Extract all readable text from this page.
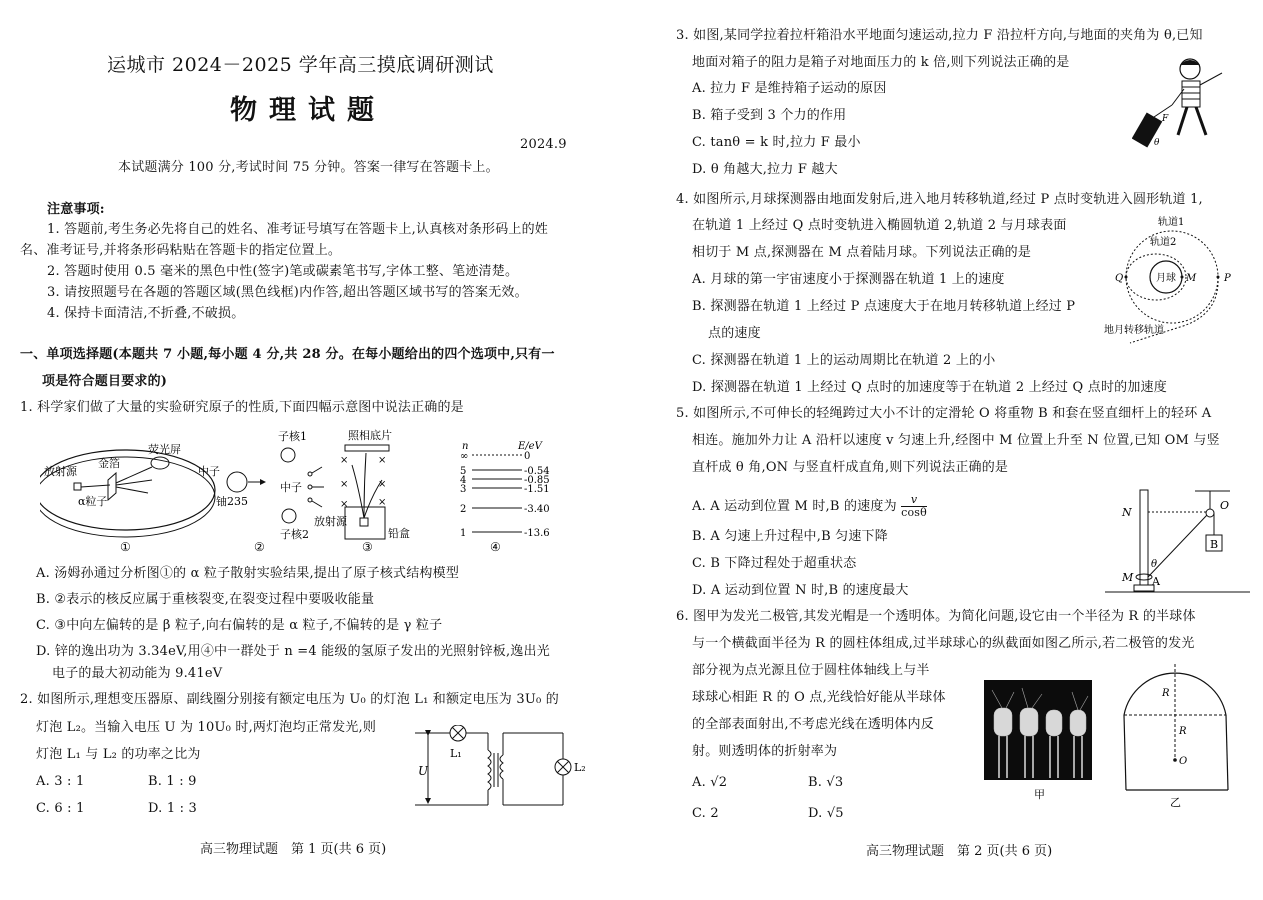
运城市 2024－2025 学年高三摸底调研测试
物理试题
2024.9
本试题满分 100 分,考试时间 75 分钟。答案一律写在答题卡上。
注意事项:
1. 答题前,考生务必先将自己的姓名、准考证号填写在答题卡上,认真核对条形码上的姓
名、准考证号,并将条形码粘贴在答题卡的指定位置上。
2. 答题时使用 0.5 毫米的黑色中性(签字)笔或碳素笔书写,字体工整、笔迹清楚。
3. 请按照题号在各题的答题区域(黑色线框)内作答,超出答题区域书写的答案无效。
4. 保持卡面清洁,不折叠,不破损。
一、单项选择题(本题共 7 小题,每小题 4 分,共 28 分。在每小题给出的四个选项中,只有一
项是符合题目要求的)
1. 科学家们做了大量的实验研究原子的性质,下面四幅示意图中说法正确的是
放射源
金箔
荧光屏
α粒子
①
子核1
中子
铀235
中子
子核2
②
×	×
×	×
×	×
照相底片
放射源
铅盒
③
n	E/eV
④
∞	0
5	-0.54
4	-0.85
3	-1.51
2	-3.40
1	-13.6
A. 汤姆孙通过分析图①的 α 粒子散射实验结果,提出了原子核式结构模型
B. ②表示的核反应属于重核裂变,在裂变过程中要吸收能量
C. ③中向左偏转的是 β 粒子,向右偏转的是 α 粒子,不偏转的是 γ 粒子
D. 锌的逸出功为 3.34eV,用④中一群处于 n =4 能级的氢原子发出的光照射锌板,逸出光
电子的最大初动能为 9.41eV
2. 如图所示,理想变压器原、副线圈分别接有额定电压为 U₀ 的灯泡 L₁ 和额定电压为 3U₀ 的
灯泡 L₂。当输入电压 U 为 10U₀ 时,两灯泡均正常发光,则
灯泡 L₁ 与 L₂ 的功率之比为
A. 3 : 1	B. 1 : 9
C. 6 : 1	D. 1 : 3
U
L₁
L₂
高三物理试题　第 1 页(共 6 页)
3. 如图,某同学拉着拉杆箱沿水平地面匀速运动,拉力 F 沿拉杆方向,与地面的夹角为 θ,已知
地面对箱子的阻力是箱子对地面压力的 k 倍,则下列说法正确的是
A. 拉力 F 是维持箱子运动的原因
B. 箱子受到 3 个力的作用
C. tanθ = k 时,拉力 F 最小
D. θ 角越大,拉力 F 越大
F
θ
4. 如图所示,月球探测器由地面发射后,进入地月转移轨道,经过 P 点时变轨进入圆形轨道 1,
在轨道 1 上经过 Q 点时变轨进入椭圆轨道 2,轨道 2 与月球表面
相切于 M 点,探测器在 M 点着陆月球。下列说法正确的是
A. 月球的第一宇宙速度小于探测器在轨道 1 上的速度
B. 探测器在轨道 1 上经过 P 点速度大于在地月转移轨道上经过 P
点的速度
C. 探测器在轨道 1 上的运动周期比在轨道 2 上的小
D. 探测器在轨道 1 上经过 Q 点时的加速度等于在轨道 2 上经过 Q 点时的加速度
轨道1
轨道2
月球
Q	M	P
地月转移轨道
5. 如图所示,不可伸长的轻绳跨过大小不计的定滑轮 O 将重物 B 和套在竖直细杆上的轻环 A
相连。施加外力让 A 沿杆以速度 v 匀速上升,经图中 M 位置上升至 N 位置,已知 OM 与竖
直杆成 θ 角,ON 与竖直杆成直角,则下列说法正确的是
A. A 运动到位置 M 时,B 的速度为 $\frac{v}{\cos\theta}$
B. A 匀速上升过程中,B 匀速下降
C. B 下降过程处于超重状态
D. A 运动到位置 N 时,B 的速度最大
N
O
B
θ
M A
6. 图甲为发光二极管,其发光帽是一个透明体。为简化问题,设它由一个半径为 R 的半球体
与一个横截面半径为 R 的圆柱体组成,过半球球心的纵截面如图乙所示,若二极管的发光
部分视为点光源且位于圆柱体轴线上与半
球球心相距 R 的 O 点,光线恰好能从半球体
的全部表面射出,不考虑光线在透明体内反
射。则透明体的折射率为
A. √2	B. √3
C. 2	D. √5
甲
R
R
O
乙
高三物理试题　第 2 页(共 6 页)
